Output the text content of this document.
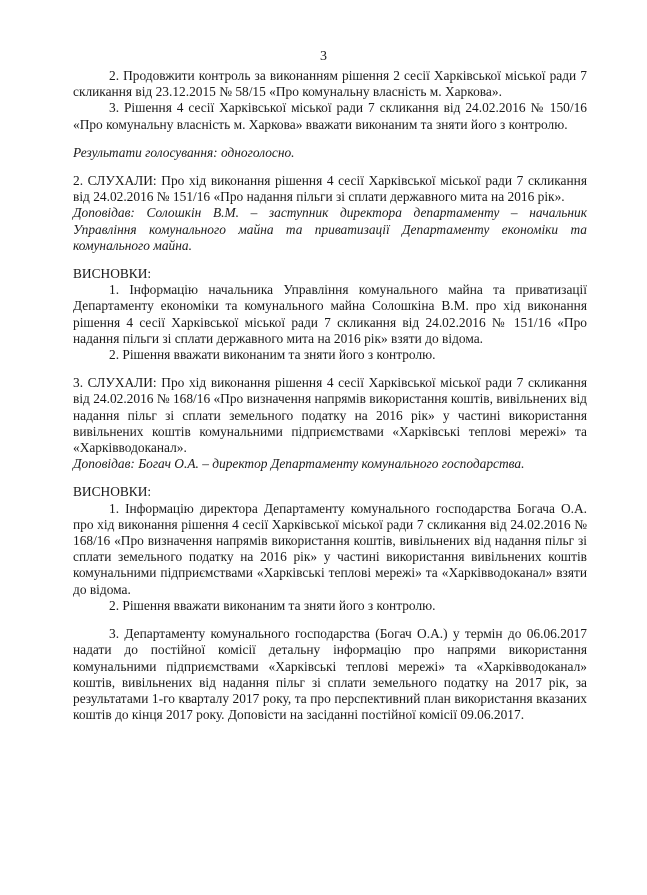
3

2. Продовжити контроль за виконанням рішення 2 сесії Харківської міської ради 7 скликання від 23.12.2015 № 58/15 «Про комунальну власність м. Харкова».

3. Рішення 4 сесії Харківської міської ради 7 скликання від 24.02.2016 № 150/16 «Про комунальну власність м. Харкова» вважати виконаним та зняти його з контролю.

Результати голосування: одноголосно.

2. СЛУХАЛИ: Про хід виконання рішення 4 сесії Харківської міської ради 7 скликання від 24.02.2016 № 151/16 «Про надання пільги зі сплати державного мита на 2016 рік».

Доповідав: Солошкін В.М. – заступник директора департаменту – начальник Управління комунального майна та приватизації Департаменту економіки та комунального майна.

ВИСНОВКИ:

1. Інформацію начальника Управління комунального майна та приватизації Департаменту економіки та комунального майна Солошкіна В.М. про хід виконання рішення 4 сесії Харківської міської ради 7 скликання від 24.02.2016 № 151/16 «Про надання пільги зі сплати державного мита на 2016 рік» взяти до відома.

2. Рішення вважати виконаним та зняти його з контролю.

3. СЛУХАЛИ: Про хід виконання рішення 4 сесії Харківської міської ради 7 скликання від 24.02.2016 № 168/16 «Про визначення напрямів використання коштів, вивільнених від надання пільг зі сплати земельного податку на 2016 рік» у частині використання вивільнених коштів комунальними підприємствами «Харківські теплові мережі» та «Харківводоканал».

Доповідав: Богач О.А. – директор Департаменту комунального господарства.

ВИСНОВКИ:

1. Інформацію директора Департаменту комунального господарства Богача О.А. про хід виконання рішення 4 сесії Харківської міської ради 7 скликання від 24.02.2016 № 168/16 «Про визначення напрямів використання коштів, вивільнених від надання пільг зі сплати земельного податку на 2016 рік» у частині використання вивільнених коштів комунальними підприємствами «Харківські теплові мережі» та «Харківводоканал» взяти до відома.

2. Рішення вважати виконаним та зняти його з контролю.

3. Департаменту комунального господарства (Богач О.А.) у термін до 06.06.2017 надати до постійної комісії детальну інформацію про напрями використання комунальними підприємствами «Харківські теплові мережі» та «Харківводоканал» коштів, вивільнених від надання пільг зі сплати земельного податку на 2017 рік, за результатами 1-го кварталу 2017 року, та про перспективний план використання вказаних коштів до кінця 2017 року. Доповісти на засіданні постійної комісії 09.06.2017.
